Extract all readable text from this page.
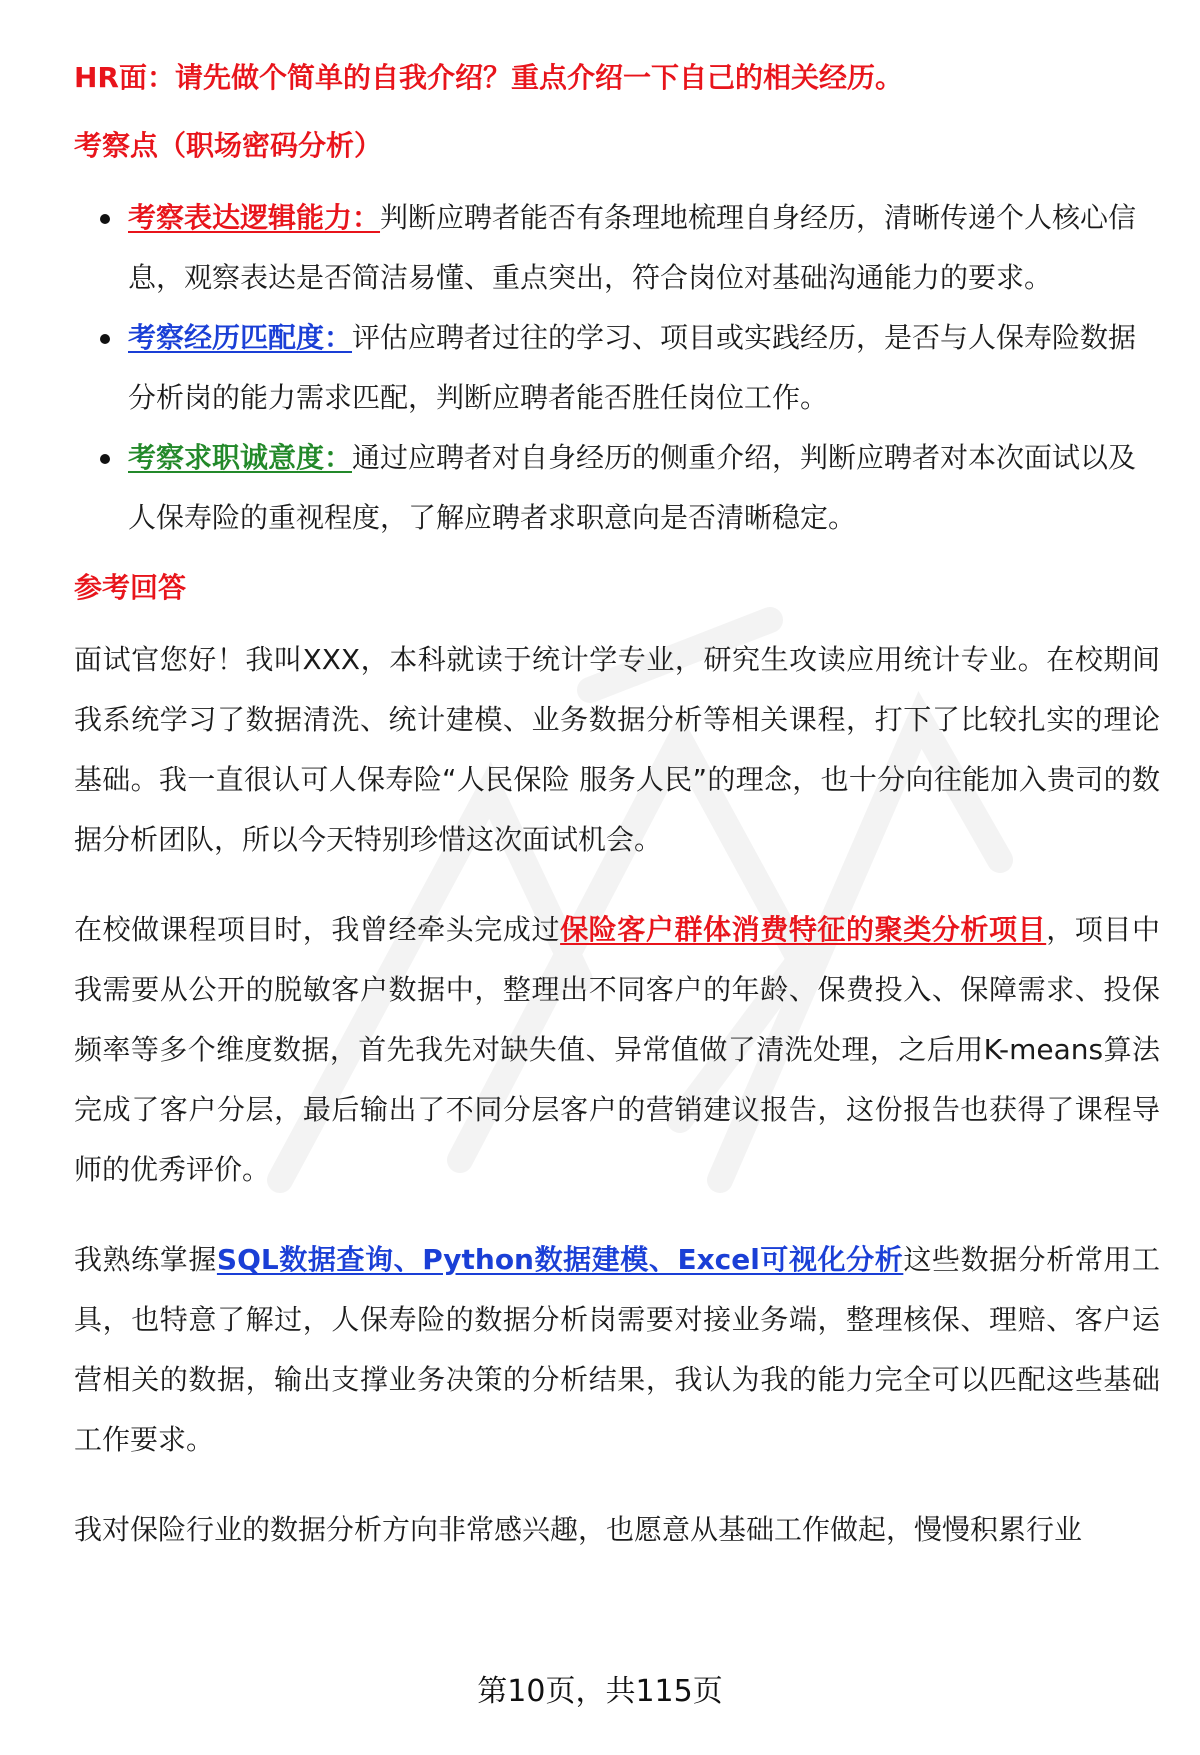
HR面：请先做个简单的自我介绍？重点介绍一下自己的相关经历。
考察点（职场密码分析）
考察表达逻辑能力：判断应聘者能否有条理地梳理自身经历，清晰传递个人核心信息，观察表达是否简洁易懂、重点突出，符合岗位对基础沟通能力的要求。
考察经历匹配度：评估应聘者过往的学习、项目或实践经历，是否与人保寿险数据分析岗的能力需求匹配，判断应聘者能否胜任岗位工作。
考察求职诚意度：通过应聘者对自身经历的侧重介绍，判断应聘者对本次面试以及人保寿险的重视程度，了解应聘者求职意向是否清晰稳定。
参考回答

面试官您好！我叫XXX，本科就读于统计学专业，研究生攻读应用统计专业。在校期间我系统学习了数据清洗、统计建模、业务数据分析等相关课程，打下了比较扎实的理论基础。我一直很认可人保寿险“人民保险 服务人民”的理念，也十分向往能加入贵司的数据分析团队，所以今天特别珍惜这次面试机会。

在校做课程项目时，我曾经牵头完成过保险客户群体消费特征的聚类分析项目，项目中我需要从公开的脱敏客户数据中，整理出不同客户的年龄、保费投入、保障需求、投保频率等多个维度数据，首先我先对缺失值、异常值做了清洗处理，之后用K-means算法完成了客户分层，最后输出了不同分层客户的营销建议报告，这份报告也获得了课程导师的优秀评价。

我熟练掌握SQL数据查询、Python数据建模、Excel可视化分析这些数据分析常用工具，也特意了解过，人保寿险的数据分析岗需要对接业务端，整理核保、理赔、客户运营相关的数据，输出支撑业务决策的分析结果，我认为我的能力完全可以匹配这些基础工作要求。

我对保险行业的数据分析方向非常感兴趣，也愿意从基础工作做起，慢慢积累行业

第10页，共115页
